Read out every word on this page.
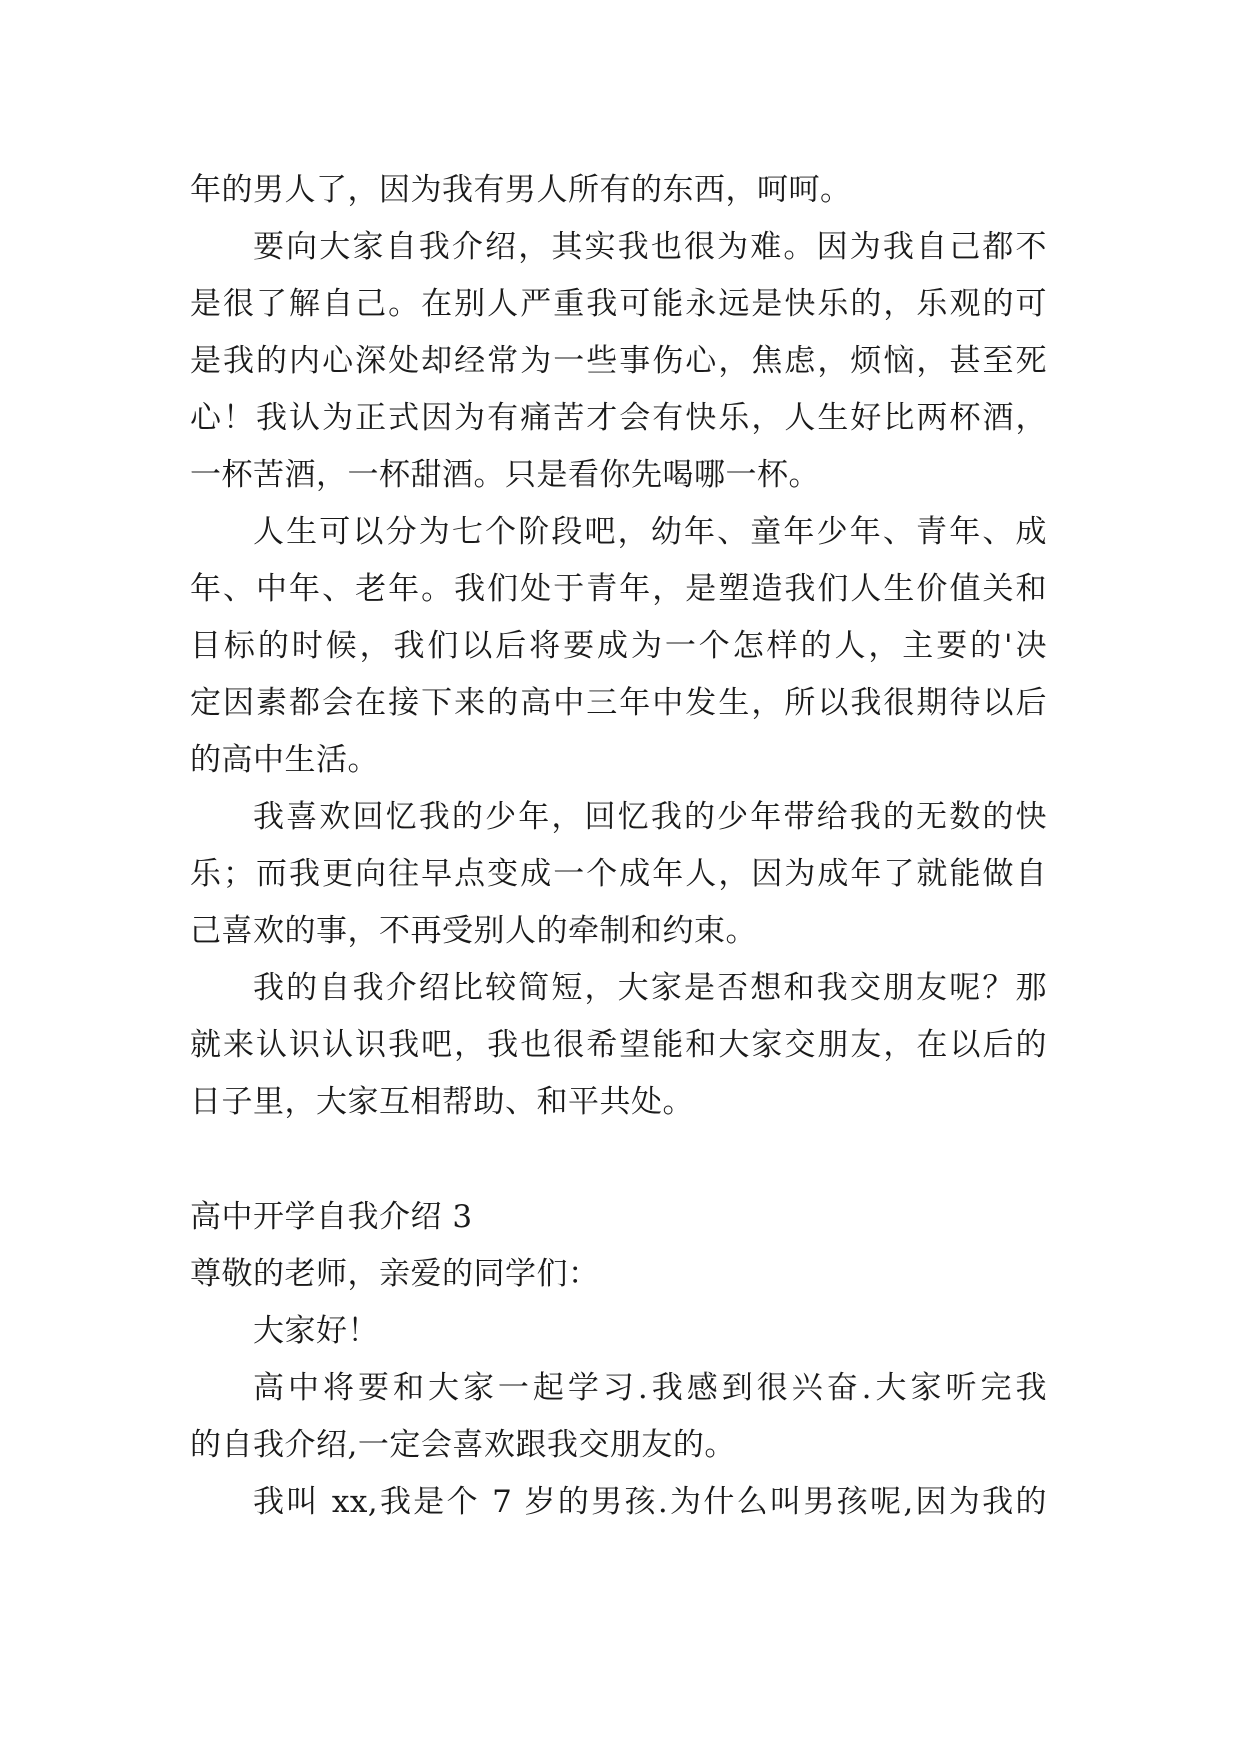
年的男人了，因为我有男人所有的东西，呵呵。
要向大家自我介绍，其实我也很为难。因为我自己都不
是很了解自己。在别人严重我可能永远是快乐的，乐观的可
是我的内心深处却经常为一些事伤心，焦虑，烦恼，甚至死
心！我认为正式因为有痛苦才会有快乐，人生好比两杯酒，
一杯苦酒，一杯甜酒。只是看你先喝哪一杯。
人生可以分为七个阶段吧，幼年、童年少年、青年、成
年、中年、老年。我们处于青年，是塑造我们人生价值关和
目标的时候，我们以后将要成为一个怎样的人，主要的'决
定因素都会在接下来的高中三年中发生，所以我很期待以后
的高中生活。
我喜欢回忆我的少年，回忆我的少年带给我的无数的快
乐；而我更向往早点变成一个成年人，因为成年了就能做自
己喜欢的事，不再受别人的牵制和约束。
我的自我介绍比较简短，大家是否想和我交朋友呢？那
就来认识认识我吧，我也很希望能和大家交朋友，在以后的
日子里，大家互相帮助、和平共处。
高中开学自我介绍 3
尊敬的老师，亲爱的同学们：
大家好！
高中将要和大家一起学习.我感到很兴奋.大家听完我
的自我介绍,一定会喜欢跟我交朋友的。
我叫 xx,我是个 7 岁的男孩.为什么叫男孩呢,因为我的
